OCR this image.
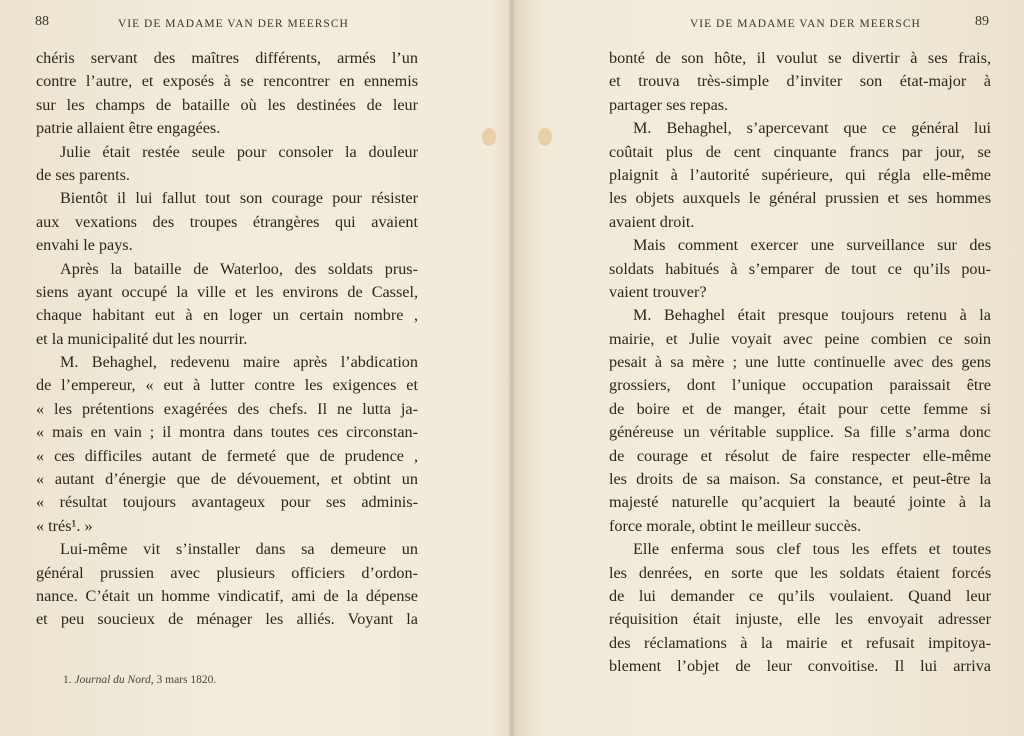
88	VIE DE MADAME VAN DER MEERSCH
chéris servant des maîtres différents, armés l’un
contre l’autre, et exposés à se rencontrer en ennemis
sur les champs de bataille où les destinées de leur
patrie allaient être engagées.
Julie était restée seule pour consoler la douleur
de ses parents.
Bientôt il lui fallut tout son courage pour résister
aux vexations des troupes étrangères qui avaient
envahi le pays.
Après la bataille de Waterloo, des soldats prus-
siens ayant occupé la ville et les environs de Cassel,
chaque habitant eut à en loger un certain nombre ,
et la municipalité dut les nourrir.
M. Behaghel, redevenu maire après l’abdication
de l’empereur, « eut à lutter contre les exigences et
« les prétentions exagérées des chefs. Il ne lutta ja-
« mais en vain ; il montra dans toutes ces circonstan-
« ces difficiles autant de fermeté que de prudence ,
« autant d’énergie que de dévouement, et obtint un
« résultat toujours avantageux pour ses adminis-
« trés¹. »
Lui-même vit s’installer dans sa demeure un
général prussien avec plusieurs officiers d’ordon-
nance. C’était un homme vindicatif, ami de la dépense
et peu soucieux de ménager les alliés. Voyant la
1. Journal du Nord, 3 mars 1820.
VIE DE MADAME VAN DER MEERSCH	89
bonté de son hôte, il voulut se divertir à ses frais,
et trouva très-simple d’inviter son état-major à
partager ses repas.
M. Behaghel, s’apercevant que ce général lui
coûtait plus de cent cinquante francs par jour, se
plaignit à l’autorité supérieure, qui régla elle-même
les objets auxquels le général prussien et ses hommes
avaient droit.
Mais comment exercer une surveillance sur des
soldats habitués à s’emparer de tout ce qu’ils pou-
vaient trouver?
M. Behaghel était presque toujours retenu à la
mairie, et Julie voyait avec peine combien ce soin
pesait à sa mère ; une lutte continuelle avec des gens
grossiers, dont l’unique occupation paraissait être
de boire et de manger, était pour cette femme si
généreuse un véritable supplice. Sa fille s’arma donc
de courage et résolut de faire respecter elle-même
les droits de sa maison. Sa constance, et peut-être la
majesté naturelle qu’acquiert la beauté jointe à la
force morale, obtint le meilleur succès.
Elle enferma sous clef tous les effets et toutes
les denrées, en sorte que les soldats étaient forcés
de lui demander ce qu’ils voulaient. Quand leur
réquisition était injuste, elle les envoyait adresser
des réclamations à la mairie et refusait impitoya-
blement l’objet de leur convoitise. Il lui arriva
